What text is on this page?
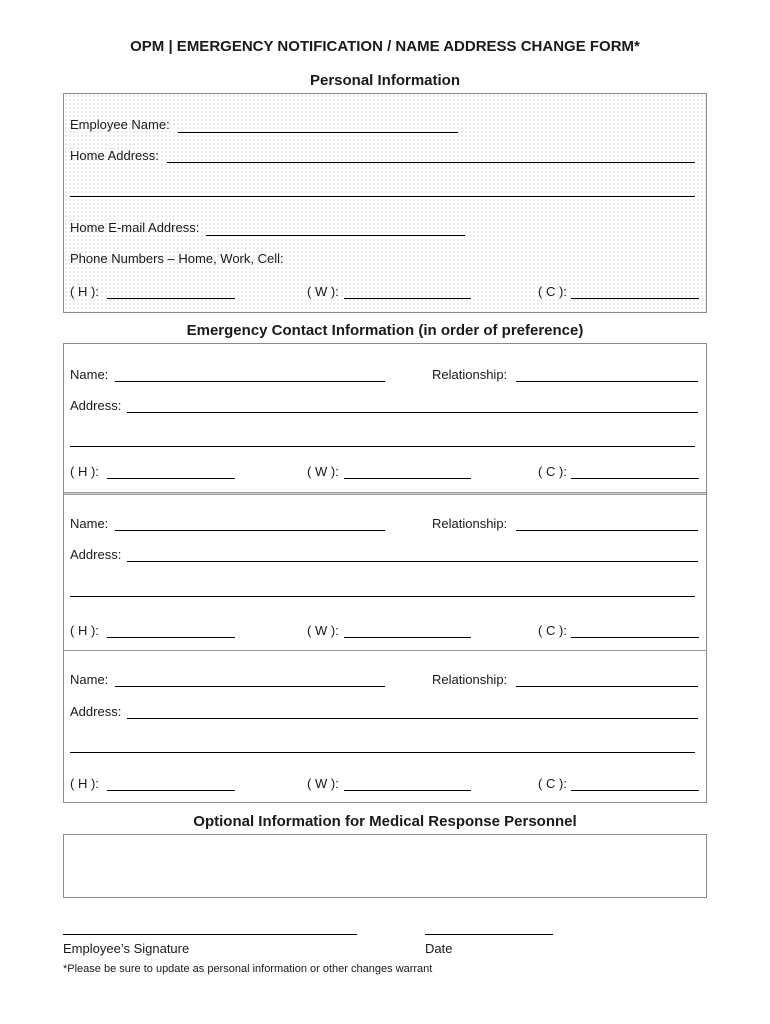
OPM | EMERGENCY NOTIFICATION / NAME ADDRESS CHANGE FORM*
Personal Information
Employee Name:
Home Address:
Home E-mail Address:
Phone Numbers – Home, Work, Cell:
( H ):	( W ):	( C ):
Emergency Contact Information (in order of preference)
Name:	Relationship:
Address:
( H ):	( W ):	( C ):
Name:	Relationship:
Address:
( H ):	( W ):	( C ):
Name:	Relationship:
Address:
( H ):	( W ):	( C ):
Optional Information for Medical Response Personnel
Employee’s Signature	Date
*Please be sure to update as personal information or other changes warrant
